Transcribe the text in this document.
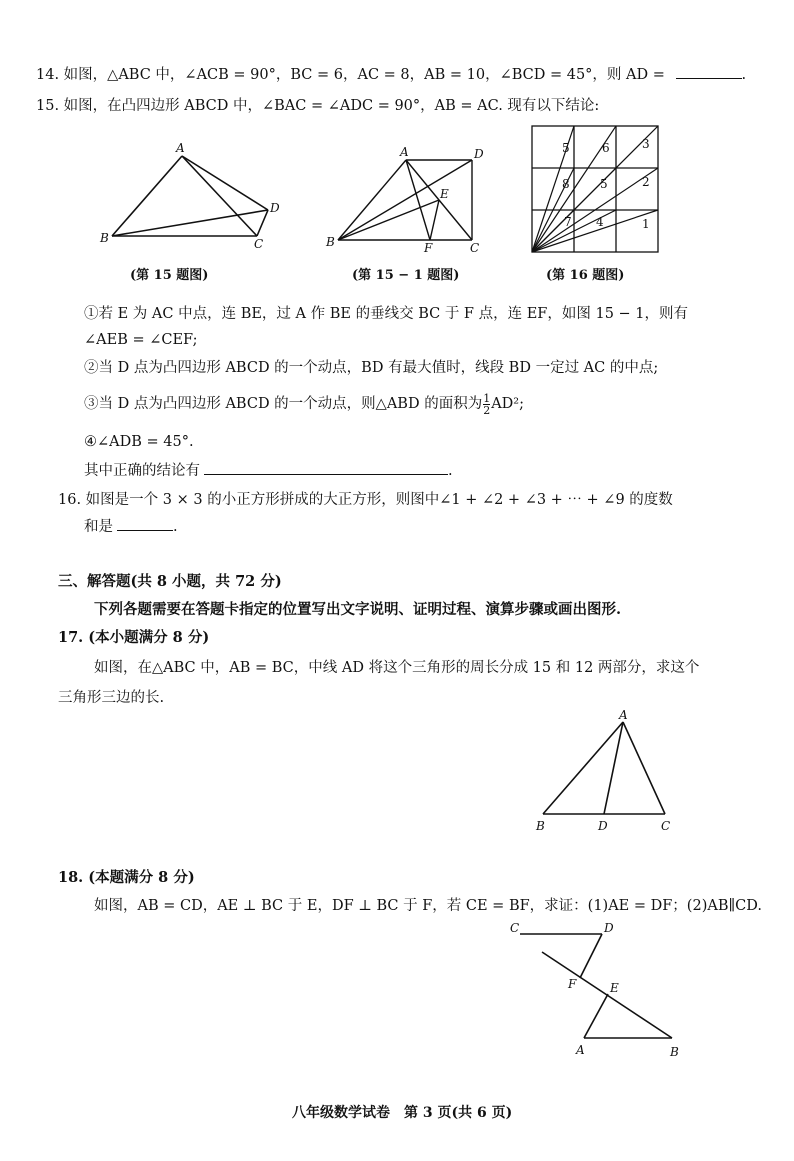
14. 如图，△ABC 中，∠ACB = 90°，BC = 6，AC = 8，AB = 10，∠BCD = 45°，则 AD =	.
15. 如图，在凸四边形 ABCD 中，∠BAC = ∠ADC = 90°，AB = AC. 现有以下结论:
A
B	C
D
(第 15 题图)
A	D
E
B	F	C
(第 15 − 1 题图)
5	6	3
8	5	2
7 4	1
(第 16 题图)
①若 E 为 AC 中点，连 BE，过 A 作 BE 的垂线交 BC 于 F 点，连 EF，如图 15 − 1，则有
∠AEB = ∠CEF;
②当 D 点为凸四边形 ABCD 的一个动点，BD 有最大值时，线段 BD 一定过 AC 的中点;
③当 D 点为凸四边形 ABCD 的一个动点，则△ABD 的面积为 $\frac{1}{2} AD^2$;
④∠ADB = 45°.
其中正确的结论有	.
16. 如图是一个 3 × 3 的小正方形拼成的大正方形，则图中∠1 + ∠2 + ∠3 + ⋯ + ∠9 的度数
和是	.
三、解答题(共 8 小题，共 72 分)
下列各题需要在答题卡指定的位置写出文字说明、证明过程、演算步骤或画出图形.
17. (本小题满分 8 分)
如图，在△ABC 中，AB = BC，中线 AD 将这个三角形的周长分成 15 和 12 两部分，求这个
三角形三边的长.
A
B	D	C
18. (本题满分 8 分)
如图，AB = CD，AE ⊥ BC 于 E，DF ⊥ BC 于 F，若 CE = BF，求证：(1)AE = DF；(2)AB∥CD.
C	D
F	E
A	B
八年级数学试卷　第 3 页(共 6 页)
